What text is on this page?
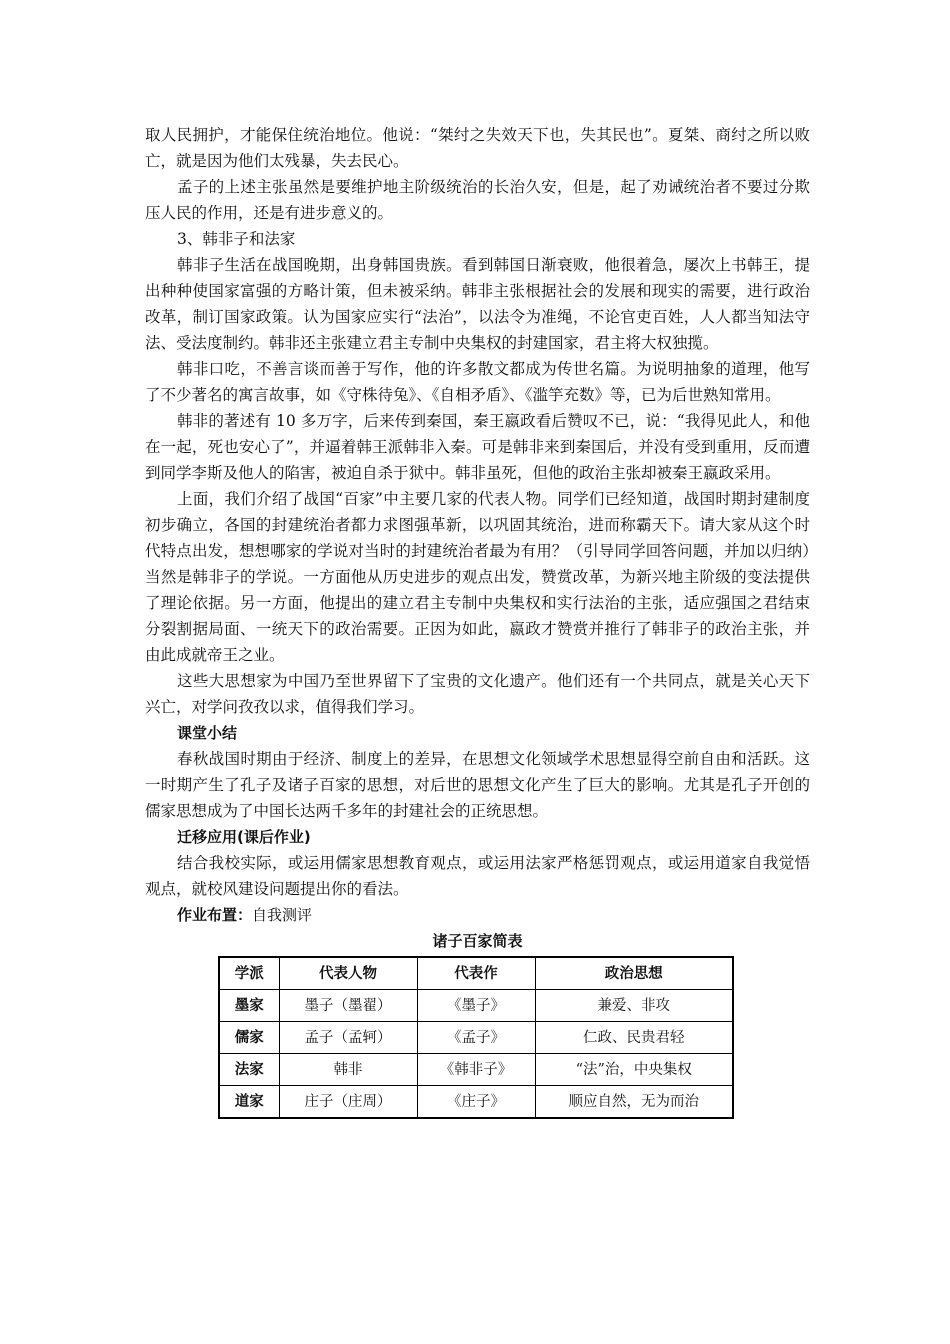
取人民拥护，才能保住统治地位。他说：“桀纣之失效天下也，失其民也”。夏桀、商纣之所以败亡，就是因为他们太残暴，失去民心。

孟子的上述主张虽然是要维护地主阶级统治的长治久安，但是，起了劝诫统治者不要过分欺压人民的作用，还是有进步意义的。

3、韩非子和法家

韩非子生活在战国晚期，出身韩国贵族。看到韩国日渐衰败，他很着急，屡次上书韩王，提出种种使国家富强的方略计策，但未被采纳。韩非主张根据社会的发展和现实的需要，进行政治改革，制订国家政策。认为国家应实行“法治”，以法令为准绳，不论官吏百姓，人人都当知法守法、受法度制约。韩非还主张建立君主专制中央集权的封建国家，君主将大权独揽。

韩非口吃，不善言谈而善于写作，他的许多散文都成为传世名篇。为说明抽象的道理，他写了不少著名的寓言故事，如《守株待兔》、《自相矛盾》、《滥竽充数》等，已为后世熟知常用。

韩非的著述有 10 多万字，后来传到秦国，秦王嬴政看后赞叹不已，说：“我得见此人，和他在一起，死也安心了”，并逼着韩王派韩非入秦。可是韩非来到秦国后，并没有受到重用，反而遭到同学李斯及他人的陷害，被迫自杀于狱中。韩非虽死，但他的政治主张却被秦王嬴政采用。

上面，我们介绍了战国“百家”中主要几家的代表人物。同学们已经知道，战国时期封建制度初步确立，各国的封建统治者都力求图强革新，以巩固其统治，进而称霸天下。请大家从这个时代特点出发，想想哪家的学说对当时的封建统治者最为有用？（引导同学回答问题，并加以归纳）当然是韩非子的学说。一方面他从历史进步的观点出发，赞赏改革，为新兴地主阶级的变法提供了理论依据。另一方面，他提出的建立君主专制中央集权和实行法治的主张，适应强国之君结束分裂割据局面、一统天下的政治需要。正因为如此，嬴政才赞赏并推行了韩非子的政治主张，并由此成就帝王之业。

这些大思想家为中国乃至世界留下了宝贵的文化遗产。他们还有一个共同点，就是关心天下兴亡，对学问孜孜以求，值得我们学习。

课堂小结

春秋战国时期由于经济、制度上的差异，在思想文化领域学术思想显得空前自由和活跃。这一时期产生了孔子及诸子百家的思想，对后世的思想文化产生了巨大的影响。尤其是孔子开创的儒家思想成为了中国长达两千多年的封建社会的正统思想。

迁移应用(课后作业)

结合我校实际，或运用儒家思想教育观点，或运用法家严格惩罚观点，或运用道家自我觉悟观点，就校风建设问题提出你的看法。

作业布置：自我测评

诸子百家简表

学派	代表人物	代表作	政治思想
墨家	墨子（墨翟）	《墨子》	兼爱、非攻
儒家	孟子（孟轲）	《孟子》	仁政、民贵君轻
法家	韩非	《韩非子》	“法”治，中央集权
道家	庄子（庄周）	《庄子》	顺应自然，无为而治
